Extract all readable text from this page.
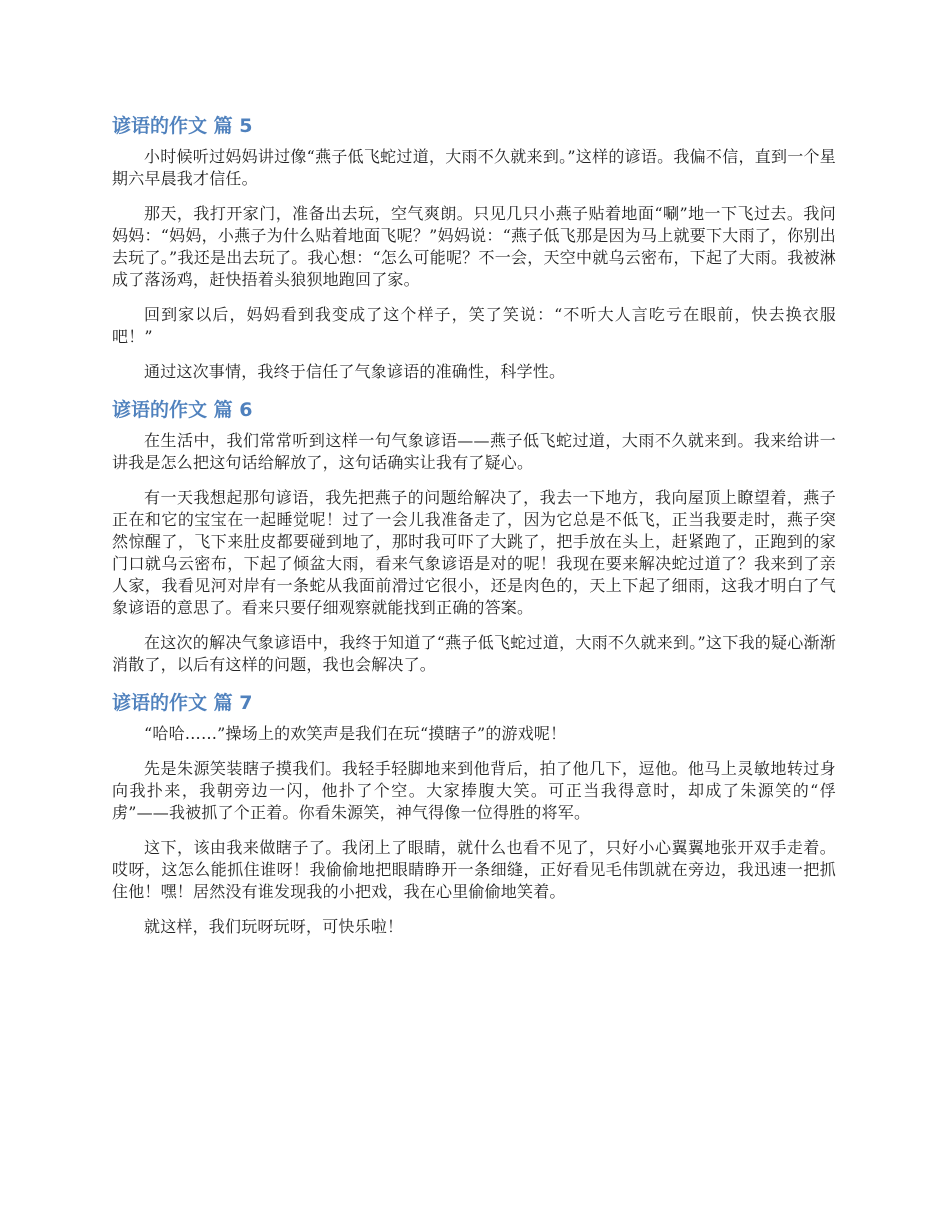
谚语的作文 篇 5

小时候听过妈妈讲过像“燕子低飞蛇过道，大雨不久就来到。”这样的谚语。我偏不信，直到一个星期六早晨我才信任。

那天，我打开家门，准备出去玩，空气爽朗。只见几只小燕子贴着地面“唰”地一下飞过去。我问妈妈：“妈妈，小燕子为什么贴着地面飞呢？”妈妈说：“燕子低飞那是因为马上就要下大雨了，你别出去玩了。”我还是出去玩了。我心想：“怎么可能呢？不一会，天空中就乌云密布，下起了大雨。我被淋成了落汤鸡，赶快捂着头狼狈地跑回了家。

回到家以后，妈妈看到我变成了这个样子，笑了笑说：“不听大人言吃亏在眼前，快去换衣服吧！”

通过这次事情，我终于信任了气象谚语的准确性，科学性。

谚语的作文 篇 6

在生活中，我们常常听到这样一句气象谚语——燕子低飞蛇过道，大雨不久就来到。我来给讲一讲我是怎么把这句话给解放了，这句话确实让我有了疑心。

有一天我想起那句谚语，我先把燕子的问题给解决了，我去一下地方，我向屋顶上瞭望着，燕子正在和它的宝宝在一起睡觉呢！过了一会儿我准备走了，因为它总是不低飞，正当我要走时，燕子突然惊醒了，飞下来肚皮都要碰到地了，那时我可吓了大跳了，把手放在头上，赶紧跑了，正跑到的家门口就乌云密布，下起了倾盆大雨，看来气象谚语是对的呢！我现在要来解决蛇过道了？我来到了亲人家，我看见河对岸有一条蛇从我面前滑过它很小，还是肉色的，天上下起了细雨，这我才明白了气象谚语的意思了。看来只要仔细观察就能找到正确的答案。

在这次的解决气象谚语中，我终于知道了“燕子低飞蛇过道，大雨不久就来到。”这下我的疑心渐渐消散了，以后有这样的问题，我也会解决了。

谚语的作文 篇 7

“哈哈……”操场上的欢笑声是我们在玩“摸瞎子”的游戏呢！

先是朱源笑装瞎子摸我们。我轻手轻脚地来到他背后，拍了他几下，逗他。他马上灵敏地转过身向我扑来，我朝旁边一闪，他扑了个空。大家捧腹大笑。可正当我得意时，却成了朱源笑的“俘虏”——我被抓了个正着。你看朱源笑，神气得像一位得胜的将军。

这下，该由我来做瞎子了。我闭上了眼睛，就什么也看不见了，只好小心翼翼地张开双手走着。哎呀，这怎么能抓住谁呀！我偷偷地把眼睛睁开一条细缝，正好看见毛伟凯就在旁边，我迅速一把抓住他！嘿！居然没有谁发现我的小把戏，我在心里偷偷地笑着。

就这样，我们玩呀玩呀，可快乐啦！
